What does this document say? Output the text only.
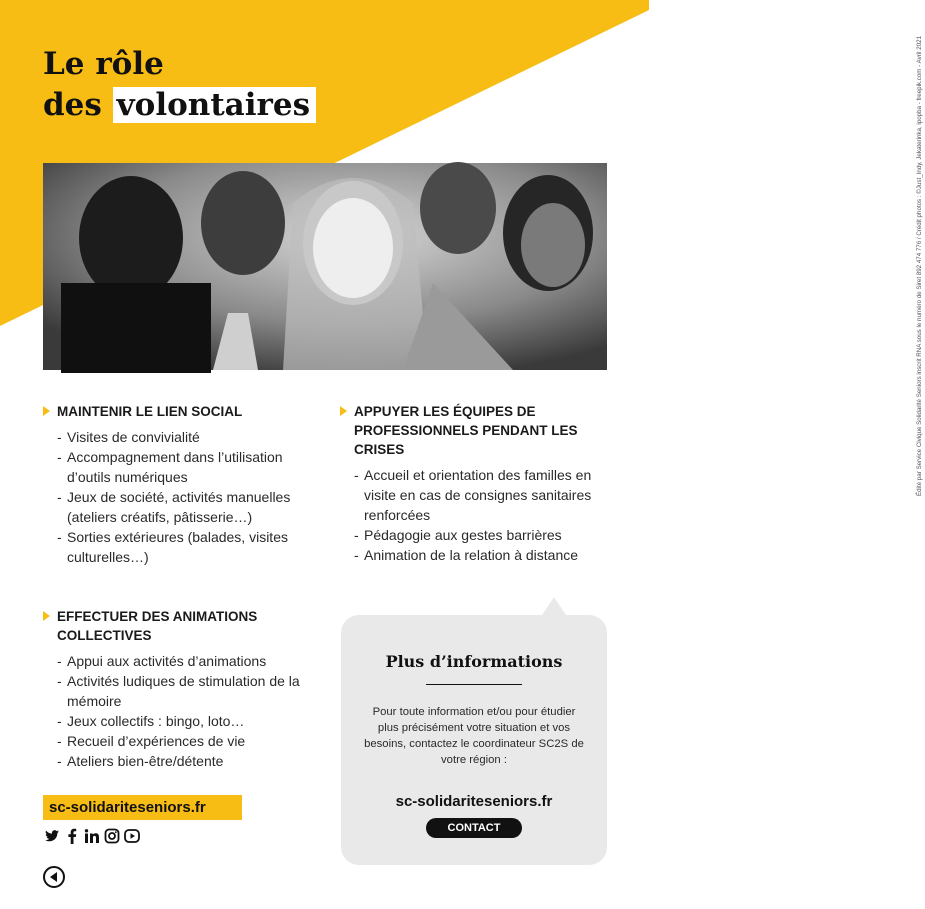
Le rôle
des volontaires
MAINTENIR LE LIEN SOCIAL
- Visites de convivialité
- Accompagnement dans l’utilisation d’outils numériques
- Jeux de société, activités manuelles (ateliers créatifs, pâtisserie…)
- Sorties extérieures (balades, visites culturelles…)
EFFECTUER DES ANIMATIONS COLLECTIVES
- Appui aux activités d’animations
- Activités ludiques de stimulation de la mémoire
- Jeux collectifs : bingo, loto…
- Recueil d’expériences de vie
- Ateliers bien-être/détente
APPUYER LES ÉQUIPES DE PROFESSIONNELS PENDANT LES CRISES
- Accueil et orientation des familles en visite en cas de consignes sanitaires renforcées
- Pédagogie aux gestes barrières
- Animation de la relation à distance
sc-solidariteseniors.fr
Plus d’informations

Pour toute information et/ou pour étudier plus précisément votre situation et vos besoins, contactez le coordinateur SC2S de votre région :

sc-solidariteseniors.fr
CONTACT
Édité par Service Civique Solidarité Seniors inscrit RNA sous le numéro de Siret 892 474 776 / Crédit photos : ©Just_Indy, Jekaterinka, ipopba - freepik.com - Avril 2021
